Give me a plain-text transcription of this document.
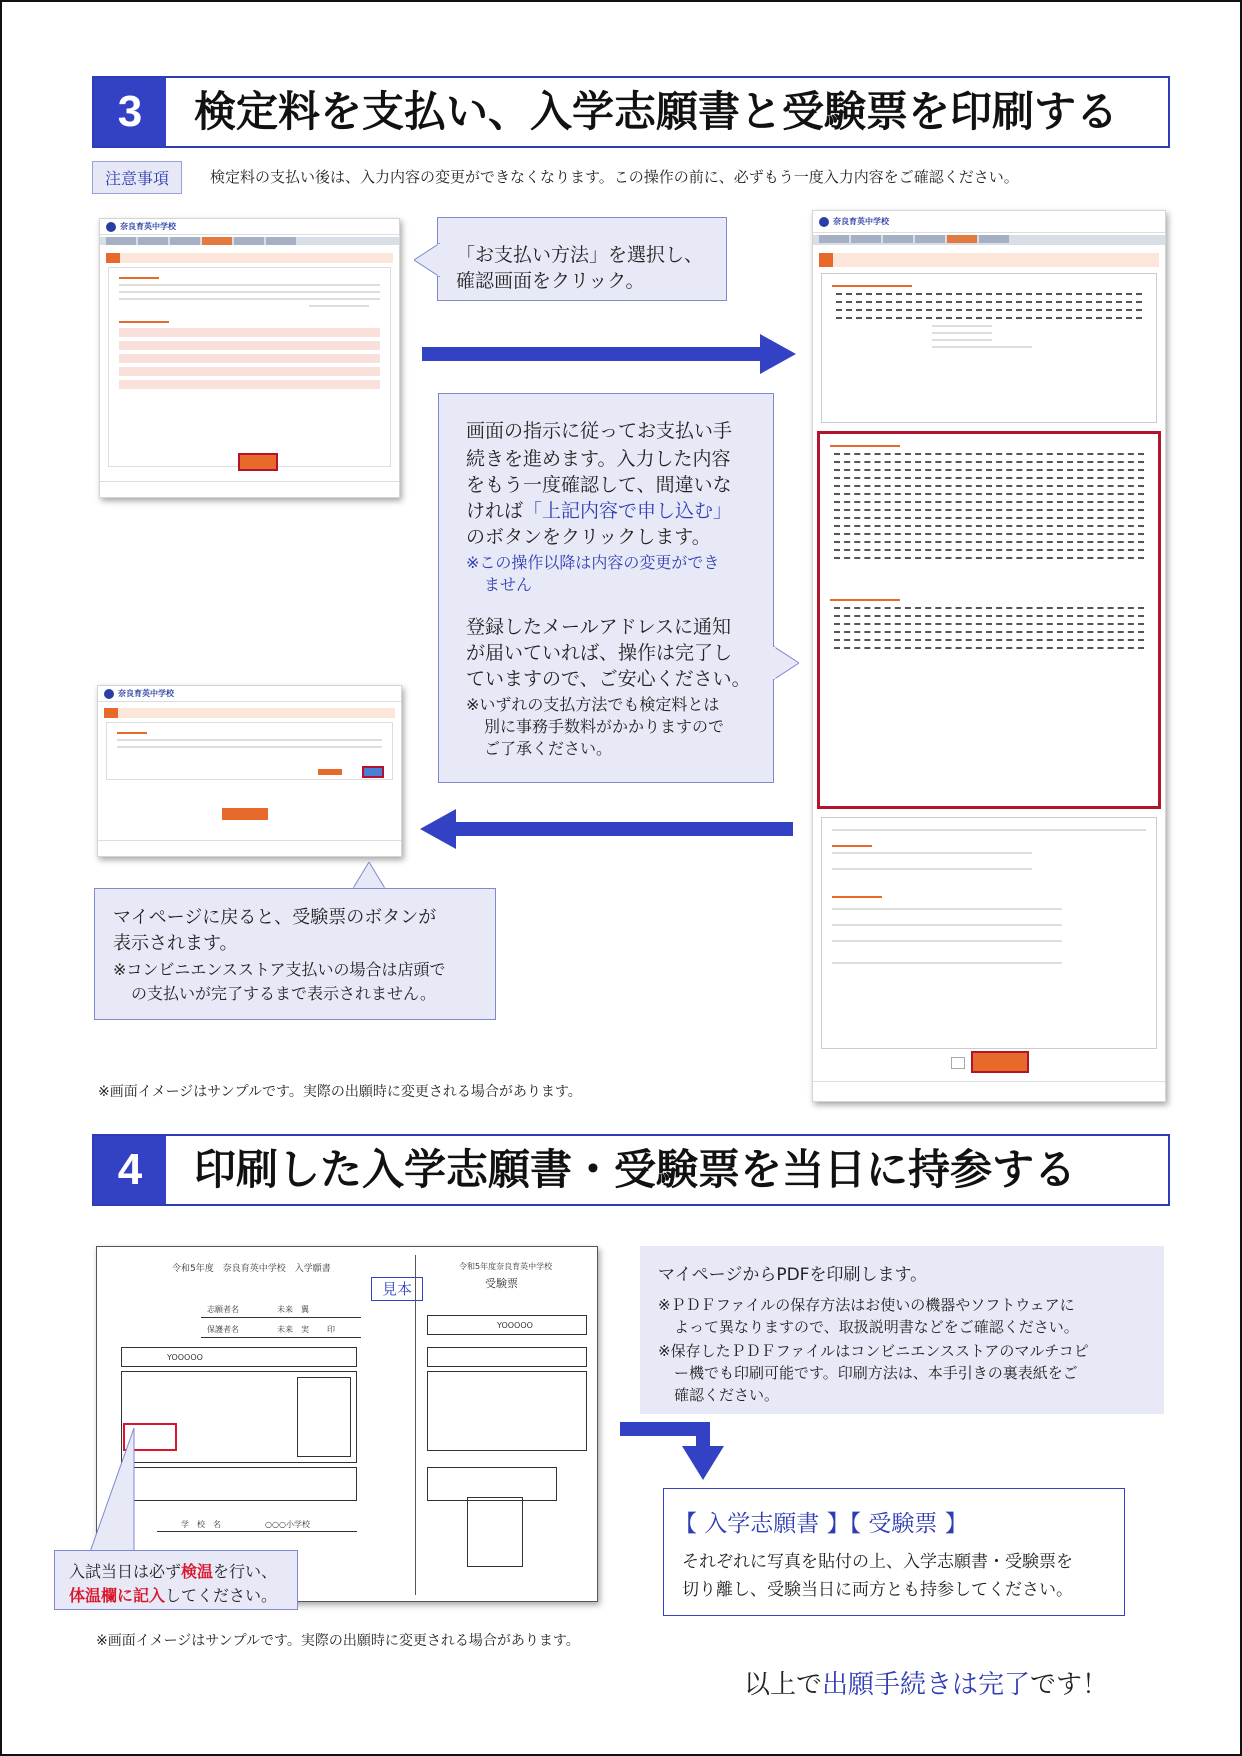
3	検定料を支払い、入学志願書と受験票を印刷する
注意事項	検定料の支払い後は、入力内容の変更ができなくなります。この操作の前に、必ずもう一度入力内容をご確認ください。
奈良育英中学校
「お支払い方法」を選択し、
確認画面をクリック。
画面の指示に従ってお支払い手
続きを進めます。入力した内容
をもう一度確認して、間違いな
ければ「上記内容で申し込む」
のボタンをクリックします。
※この操作以降は内容の変更ができ
ません
登録したメールアドレスに通知
が届いていれば、操作は完了し
ていますので、ご安心ください。
※いずれの支払方法でも検定料とは
別に事務手数料がかかりますので
ご了承ください。
奈良育英中学校
奈良育英中学校
マイページに戻ると、受験票のボタンが
表示されます。
※コンビニエンスストア支払いの場合は店頭で
の支払いが完了するまで表示されません。
※画面イメージはサンプルです。実際の出願時に変更される場合があります。
4	印刷した入学志願書・受験票を当日に持参する
令和5年度　奈良育英中学校　入学願書	令和5年度奈良育英中学校
受験票
見本
志願者名	未来　翼
保護者名	未来　実 印
YOOOOO
YOOOOO
学　校　名	○○○小学校
入試当日は必ず検温を行い、
体温欄に記入してください。
マイページからPDFを印刷します。
※ＰＤＦファイルの保存方法はお使いの機器やソフトウェアに
よって異なりますので、取扱説明書などをご確認ください。
※保存したＰＤＦファイルはコンビニエンスストアのマルチコピ
ー機でも印刷可能です。印刷方法は、本手引きの裏表紙をご
確認ください。
【 入学志願書 】【 受験票 】
それぞれに写真を貼付の上、入学志願書・受験票を
切り離し、受験当日に両方とも持参してください。
※画面イメージはサンプルです。実際の出願時に変更される場合があります。
以上で出願手続きは完了です！
